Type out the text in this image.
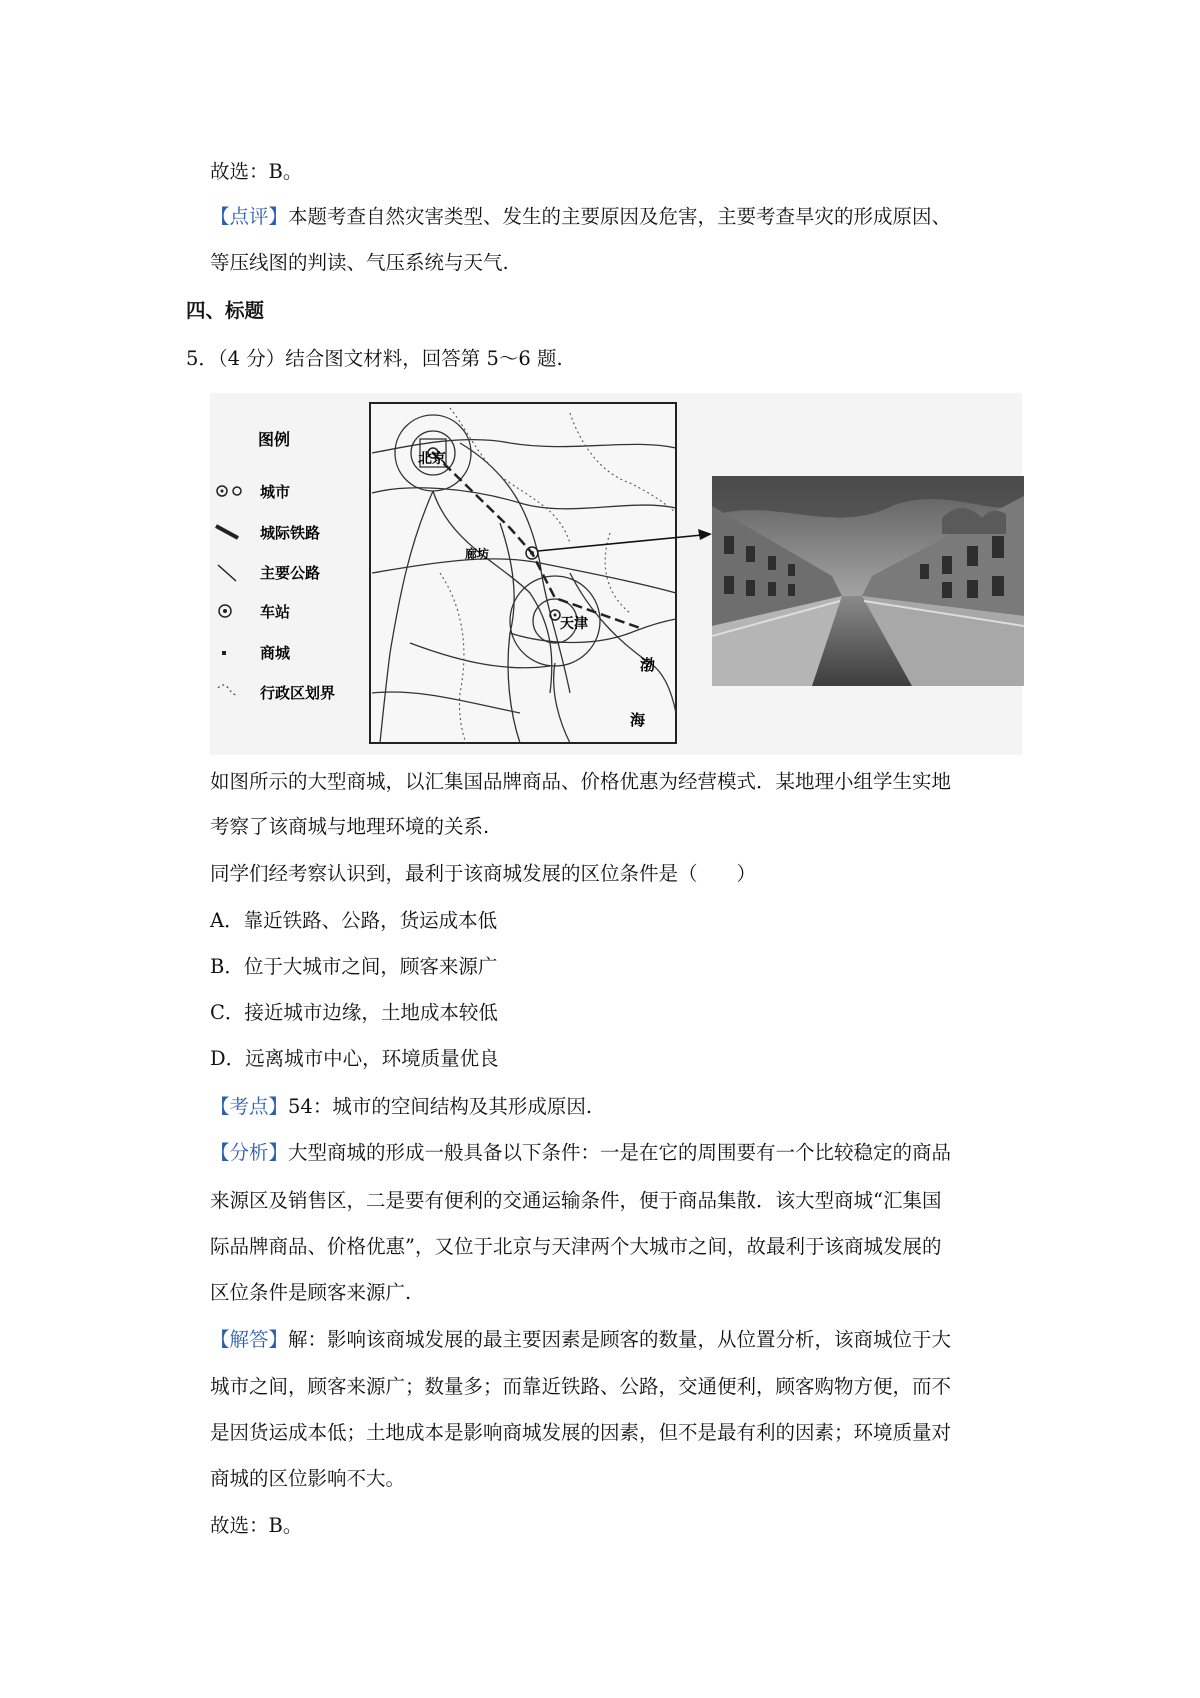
故选：B。
【点评】本题考查自然灾害类型、发生的主要原因及危害，主要考查旱灾的形成原因、
等压线图的判读、气压系统与天气.
四、标题
5．（4 分）结合图文材料，回答第 5～6 题.
图例
城市
城际铁路
主要公路
车站
商城
行政区划界
北京
廊坊
天津
渤
海
如图所示的大型商城，以汇集国品牌商品、价格优惠为经营模式．某地理小组学生实地
考察了该商城与地理环境的关系.
同学们经考察认识到，最利于该商城发展的区位条件是（　　）
A．靠近铁路、公路，货运成本低
B．位于大城市之间，顾客来源广
C．接近城市边缘，土地成本较低
D．远离城市中心，环境质量优良
【考点】54：城市的空间结构及其形成原因.
【分析】大型商城的形成一般具备以下条件：一是在它的周围要有一个比较稳定的商品
来源区及销售区，二是要有便利的交通运输条件，便于商品集散．该大型商城“汇集国
际品牌商品、价格优惠”，又位于北京与天津两个大城市之间，故最利于该商城发展的
区位条件是顾客来源广.
【解答】解：影响该商城发展的最主要因素是顾客的数量，从位置分析，该商城位于大
城市之间，顾客来源广；数量多；而靠近铁路、公路，交通便利，顾客购物方便，而不
是因货运成本低；土地成本是影响商城发展的因素，但不是最有利的因素；环境质量对
商城的区位影响不大。
故选：B。
